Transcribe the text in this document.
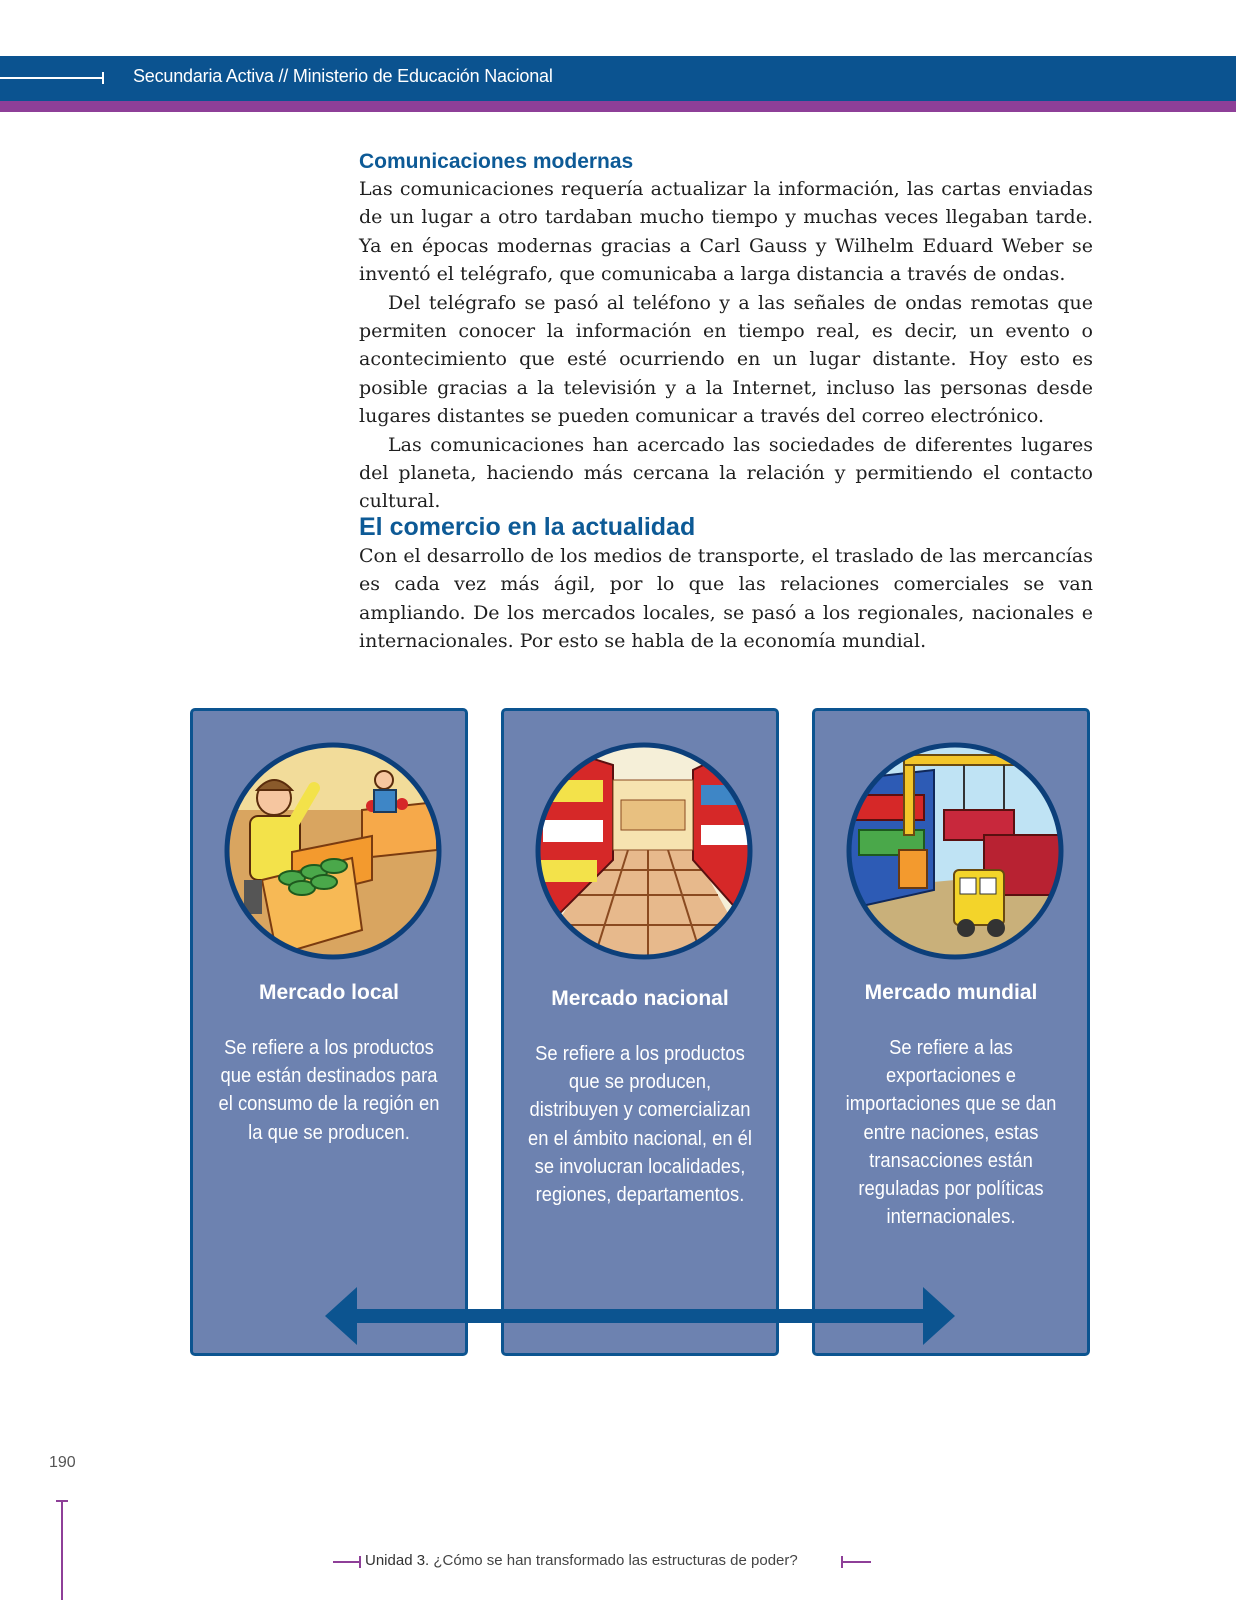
Secundaria Activa // Ministerio de Educación Nacional
Comunicaciones modernas

Las comunicaciones requería actualizar la información, las cartas enviadas de un lugar a otro tardaban mucho tiempo y muchas veces llegaban tarde. Ya en épocas modernas gracias a Carl Gauss y Wilhelm Eduard Weber se inventó el telégrafo, que comunicaba a larga distancia a través de ondas.

Del telégrafo se pasó al teléfono y a las señales de ondas remotas que permiten conocer la información en tiempo real, es decir, un evento o acontecimiento que esté ocurriendo en un lugar distante. Hoy esto es posible gracias a la televisión y a la Internet, incluso las personas desde lugares distantes se pueden comunicar a través del correo electrónico.

Las comunicaciones han acercado las sociedades de diferentes lugares del planeta, haciendo más cercana la relación y permitiendo el contacto cultural.

El comercio en la actualidad

Con el desarrollo de los medios de transporte, el traslado de las mercancías es cada vez más ágil, por lo que las relaciones comerciales se van ampliando. De los mercados locales, se pasó a los regionales, nacionales e internacionales. Por esto se habla de la economía mundial.

Mercado local
Se refiere a los productos que están destinados para el consumo de la región en la que se producen.
Mercado nacional
Se refiere a los productos que se producen, distribuyen y comercializan en el ámbito nacional, en él se involucran localidades, regiones, departamentos.
Mercado mundial
Se refiere a las exportaciones e importaciones que se dan entre naciones, estas transacciones están reguladas por políticas internacionales.
190
Unidad 3. ¿Cómo se han transformado las estructuras de poder?
